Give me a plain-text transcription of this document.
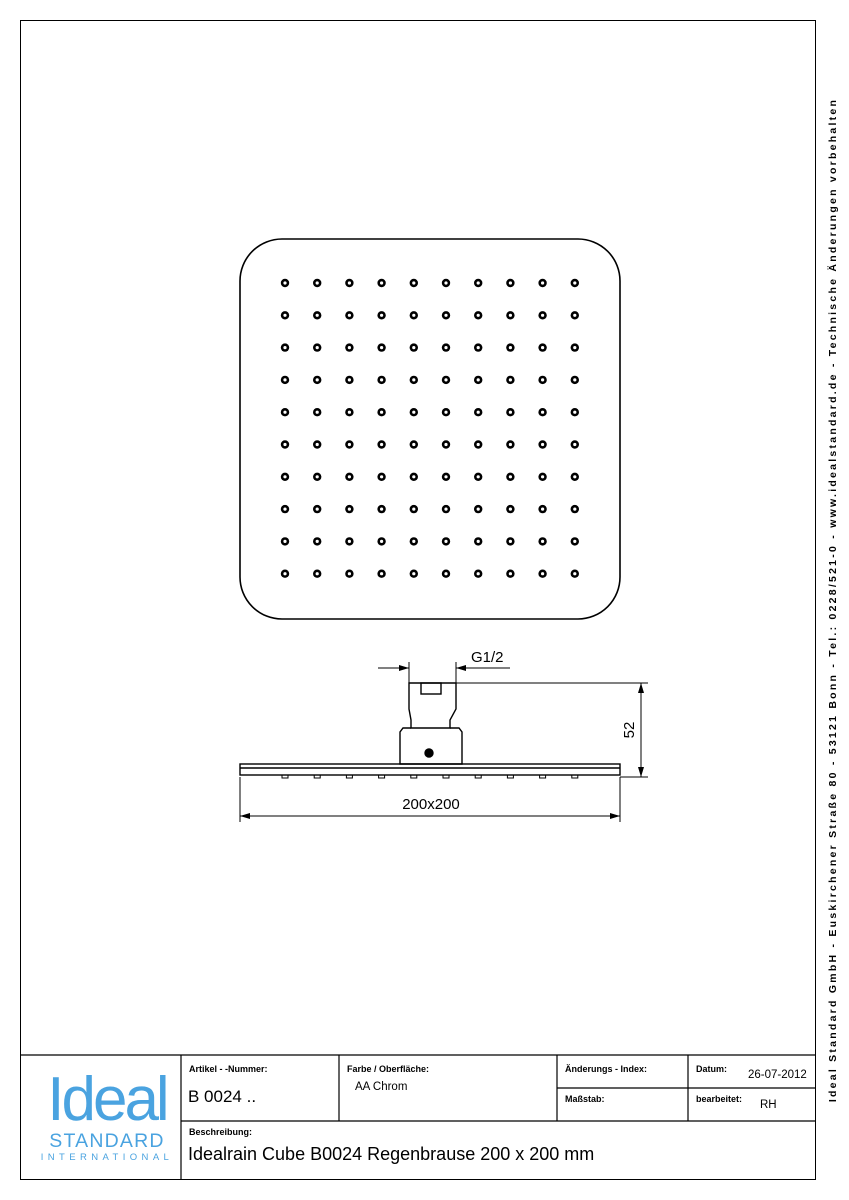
Ideal Standard GmbH - Euskirchener Straße 80 - 53121 Bonn - Tel.: 0228/521-0 - www.idealstandard.de - Technische Änderungen vorbehalten
G1/2
52
200x200
Ideal
STANDARD
INTERNATIONAL
Artikel - -Nummer:
B 0024 ..
Farbe / Oberfläche:
AA Chrom
Änderungs - Index:	Datum: 26-07-2012
Maßstab:	bearbeitet: RH
Beschreibung:
Idealrain Cube B0024 Regenbrause 200 x 200 mm
